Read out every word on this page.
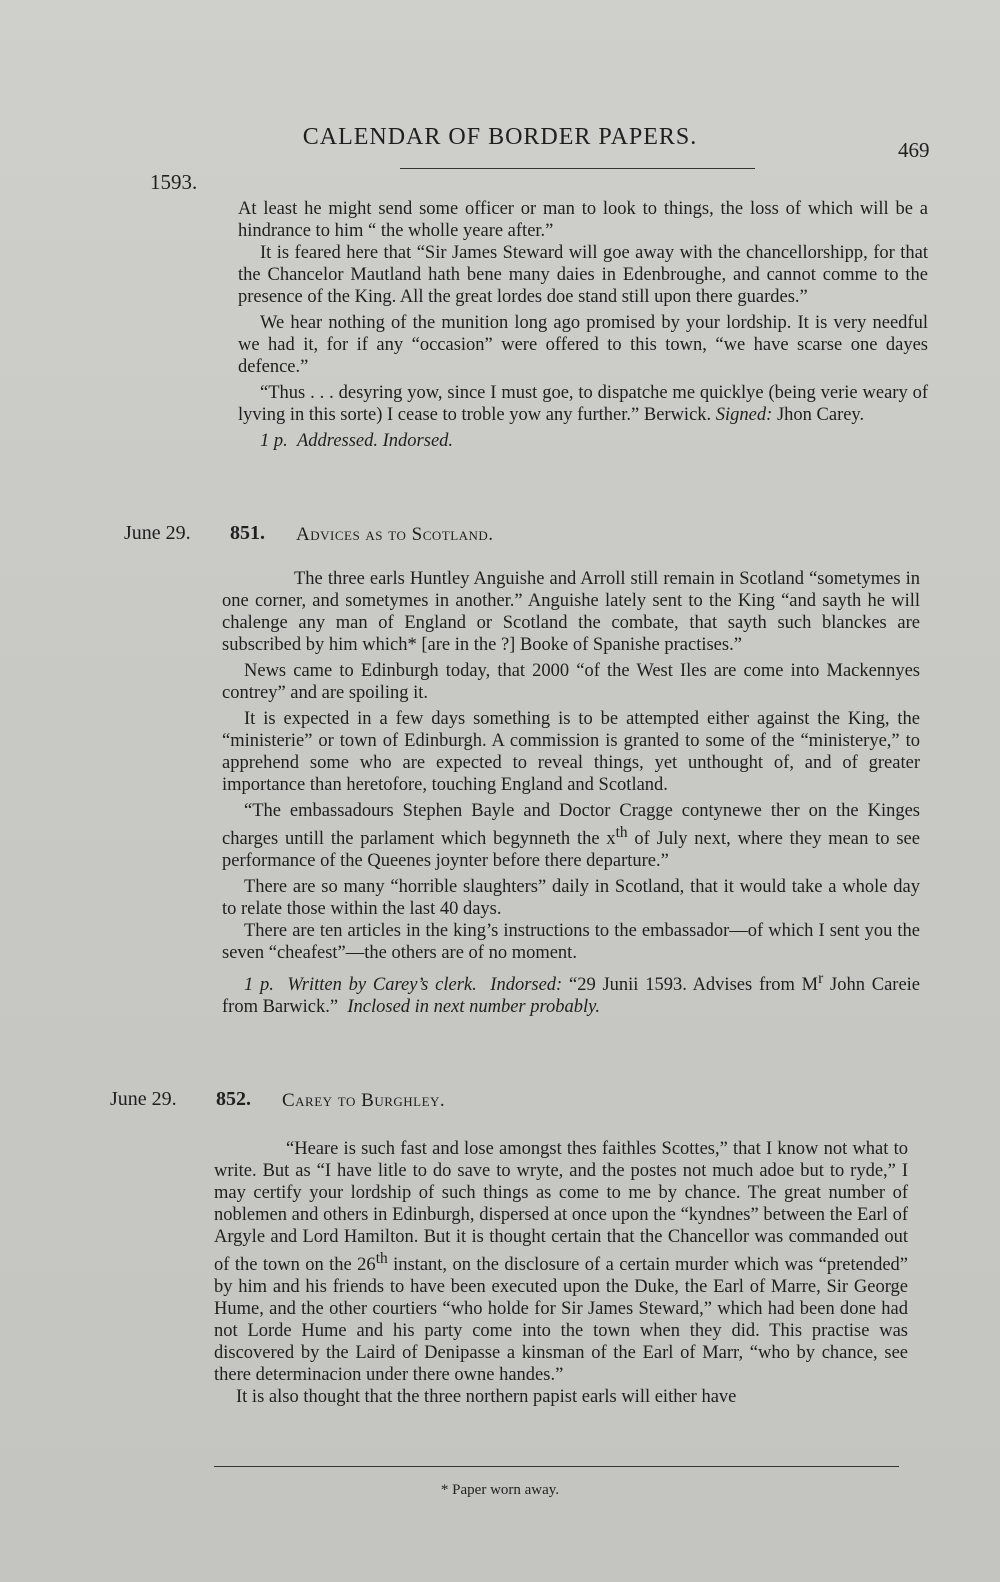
CALENDAR OF BORDER PAPERS.	469
1593.

At least he might send some officer or man to look to things, the loss of which will be a hindrance to him “ the wholle yeare after.”

It is feared here that “Sir James Steward will goe away with the chancellorshipp, for that the Chancelor Mautland hath bene many daies in Edenbroughe, and cannot comme to the presence of the King. All the great lordes doe stand still upon there guardes.”

We hear nothing of the munition long ago promised by your lordship. It is very needful we had it, for if any “occasion” were offered to this town, “we have scarse one dayes defence.”

“Thus . . . desyring yow, since I must goe, to dispatche me quicklye (being verie weary of lyving in this sorte) I cease to troble yow any further.” Berwick. Signed: Jhon Carey.

1 p. Addressed. Indorsed.

June 29. 851. Advices as to Scotland.

The three earls Huntley Anguishe and Arroll still remain in Scotland “sometymes in one corner, and sometymes in another.” Anguishe lately sent to the King “and sayth he will chalenge any man of England or Scotland the combate, that sayth such blanckes are subscribed by him which* [are in the ?] Booke of Spanishe practises.”

News came to Edinburgh today, that 2000 “of the West Iles are come into Mackennyes contrey” and are spoiling it.

It is expected in a few days something is to be attempted either against the King, the “ministerie” or town of Edinburgh. A commission is granted to some of the “ministerye,” to apprehend some who are expected to reveal things, yet unthought of, and of greater importance than heretofore, touching England and Scotland.

“The embassadours Stephen Bayle and Doctor Cragge contynewe ther on the Kinges charges untill the parlament which begynneth the $x^{th}$ of July next, where they mean to see performance of the Queenes joynter before there departure.”

There are so many “horrible slaughters” daily in Scotland, that it would take a whole day to relate those within the last 40 days.

There are ten articles in the king’s instructions to the embassador—of which I sent you the seven “cheafest”—the others are of no moment.

1 p. Written by Carey’s clerk. Indorsed: “29 Junii 1593. Advises from $M^r$ John Careie from Barwick.” Inclosed in next number probably.

June 29. 852. Carey to Burghley.

“Heare is such fast and lose amongst thes faithles Scottes,” that I know not what to write. But as “I have litle to do save to wryte, and the postes not much adoe but to ryde,” I may certify your lordship of such things as come to me by chance. The great number of noblemen and others in Edinburgh, dispersed at once upon the “kyndnes” between the Earl of Argyle and Lord Hamilton. But it is thought certain that the Chancellor was commanded out of the town on the 26th instant, on the disclosure of a certain murder which was “pretended” by him and his friends to have been executed upon the Duke, the Earl of Marre, Sir George Hume, and the other courtiers “who holde for Sir James Steward,” which had been done had not Lorde Hume and his party come into the town when they did. This practise was discovered by the Laird of Denipasse a kinsman of the Earl of Marr, “who by chance, see there determinacion under there owne handes.”

It is also thought that the three northern papist earls will either have

* Paper worn away.
